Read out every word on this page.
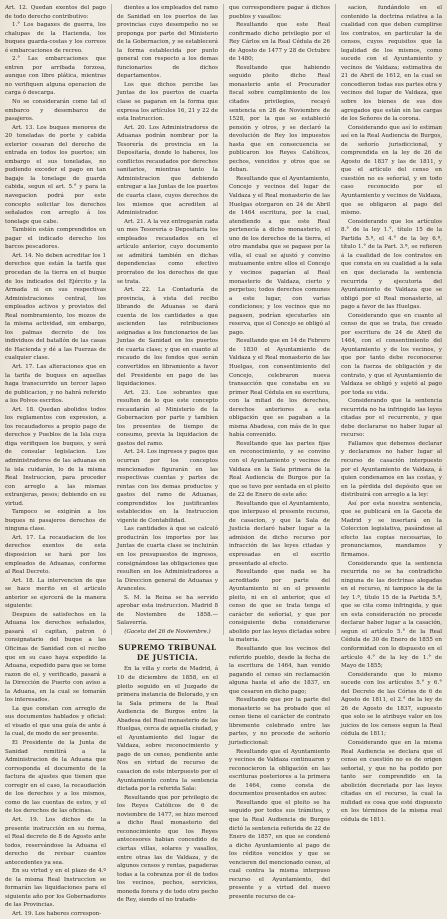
Art. 12. Quedan exentos del pago de todo derecho contributivo:

1.° Los bagaxes de guerra, los chalupas de la Hacienda, los buques guarda-costas y los correos é embarcaciones de recreo.

2.° Las embarcaciones que entren por arribada forzosa, aunque con libre plática, mientras no verifiquen alguna operacion de carga ó descarga.

No se considerarán como tal el embarco y desembarco de pasajeros.

Art. 13. Los buques menores de 20 toneladas de porte y cabida exterior cesaran del derecho de entrada en todos los puertos; sin embargo el sus toneladas, no pudiendo exceder el pago en tan bagaje la tonelage de guarda cabida, segun el art. 5.° y para la navegacion podrá por este concepto solicitar los derechos señalados con arreglo á los tonelage que cabe.

También están comprendidos en pagar el indicado derecho los barcos pescadores.

Art. 14. No deben acreditar los 1 derechos que están la tarifa que procedan de la tierra en el buque de los indicados del Ejército y la Armada ni en sus respectivas Administraciones central, los empleados activos y provistos del Real nombramiento, los mozos de la misma actividad, sin embargo, los palmas decreto de los individuos del batallón de las casas de Hacienda y dé a las Fuerzas de cualquier clase.

Art. 17. Las alteraciones que en la tarifa de buques en aquellas haga transcurrido un tercer lapso de publicacion, y no habrá referido a los Polvos escritos.

Art. 18. Quedan abolidos todos los reglamentos con expresion, a los recaudadores a propio pago de derechos y Pueblos de la Isla cuya diga verifiquen los buques, y será de consular legislacion. Los administradores de las aduanas en la isla cuidarán, lo de la misma Real Instruccion, para proceder con arreglo a las mismas extranjeras, pesos; debiendo en su virtud.

Tampoco se exigirán a los buques ni pasajeros derechos de ninguna clase.

Art. 17. La recaudacion de los derechos exentos de esta disposicion se hará por los empleados de Aduanas, conforme al Real Decreto.

Art. 18. La intervencion de que se hace merito en el articulo anterior se ejercerá de la manera siguiente:

Despues de satisfechos en la Aduana los derechos señalados, pasará el capitan, patron ó consignatario del buque a las Oficinas de Sanidad con el recibo que en su caso haya expedido la Aduana, expedido para que se tome razon de el, y verificado, pasará a la Dirección de Puerto con aviso a la Aduana, en la cual se tomarán los interesados.

La que constan con arreglo de sus documentos hablados y oficial: el visado el que una guía de ante á la cual, de modo de ser presente.

El Presidente de la Junta de Sanidad remitirá a la Administracion de la Aduana que corresponda el documento de la factura de ajustes que tienen que corregir en el caso, la recaudación de los derechos y a los mismos, como de las cuentas de estos, y el de los derechos de las oficinas.

Art. 19. Los dichos de la presente instrucción en su forma, el Real decreto de 8 de Agosto ante todos, reservándose la Aduana el derecho de revisar cuantos antecedentes ya sea.

En su virtud y en el plazo de 4.º de la misma Real Instruccion se formarán las liquidaciones para el siguiente año por los Gobernadores de las Provincias.

Art. 19. Los haberes correspon-

dientes a los empleados del ramo de Sanidad en los puertos de las provincias cuyo desempeño no se proponga por parte del Ministerio de la Gobernacion, y se establecerá la forma establecida por punto general con respecto a los demas funcionarios de dichos departamentos.

Los que dichos percibe las Juntas de los puertos de cuarta clase se pagaran en la forma que expresa los artículos 16, 21 y 22 de esta Instruccion.

Art. 20. Los Administradores de Aduanas podrán nombrar por la Tesorería de provincia en la Depositaría, donde lo haberes, los conflictos recaudados por derechos sanitarios, mientras tanto la Administracion que debiendo entregar a las Juntas de los puertos de cuarta clase, cuyos derechos de los mismos que acrediten al Administrador.

Art. 21. A la vez entregarán cada un mes Tesorería o Depositaria los empleados recaudados en el artículo anterior, cuyo documento se admitirá también en dichas dependencias como efectivo prorrateo de los derechos de que se trata.

Art. 22. La Contaduría de provincia, à vista del recibo librando de Aduanas se dará cuenta de los cantidades a que ascienden las retribuciones asignadas a los funcionarios de las Juntas de Sanidad en los puertos de cuarta clase; y que en cuanto al recaudo de los fondos que serán convertidos en libramiento a favor del Presidente en pago de las liquidaciones.

Art. 23. Los sobrantes que resulten de lo que este concepto recaudarán al Ministerio de la Gobernacion por parte y tambien los presentes de tiempo de consumo, previa la liquidacion de gastos del ramo.

Art. 24. Los ingresos y pagos que ocurran por los conceptos mencionados figurarán en las respectivas cuentas y partes de rentas con los demas productos y gastos del ramo de Aduanas, comprendidos los justificantes establecidos en la Instruccion vigente de Contabilidad.

Las cantidades à que se calculó producirán los importes por las Juntas de cuarta clase se incluirán en los presupuestos de ingresos, consignándose las obligaciones que resulten en los Administradores a la Direccion general de Aduanas y Aranceles.

S. M. la Reina se ha servido aprobar esta instruccion. Madrid 8 de Noviembre de 1858.—Salaverría.

(Gaceta del 26 de Noviembre.)

SUPREMO TRIBUNAL DE JUSTICIA.

En la villa y corte de Madrid, á 10 de diciembre de 1858, en el pleito seguido en el Juzgado de primera instancia de Belorado, y en la Sala primera de la Real Audiencia de Burgos entre la Abadesa del Real monasterio de las Huelgas, cerca de aquella ciudad, y el Ayuntamiento del lugar de Valdaza, sobre reconocimiento y pago de un censo, pendiente ante Nos en virtud de recurso de casacion de este interpuesto por el Ayuntamiento contra la sentencia dictada por la referida Sala:

Resultando que por privilegio de los Reyes Católicos de 6 de noviembre de 1477, se hizo merced a dicho Real monasterio del reconocimiento que los Reyes antecesores habian concedido de ciertas villas, solares y vasallos, entre otras las de Valdaza, y de algunos censos y rentas, pagaderas todas a la cobranza por él de todos los vecinos, pechos, servicios, moneda forera y de todo otro pecho de Rey, siendo el no tratado-

que correspondiere pagar á dichos pueblos y vasallos:

Resultando que este Real confirmado dicho privilegio por el Rey Cárlos en la Real Cédula de 26 de Agosto de 1477 y 28 de Octubre de 1480;

Resultando que habiendo seguido pleito dicho Real monasterio ante el Procurador fiscal sobre cumplimiento de los citados privilegios, recayó sentencia en 28 de Noviembre de 1528, por la que se estableció pensión y otros, y se declaró la devolución de Rey los impuestos hasta que en consecuencia se publicaron los Reyes Católicos, pechos, vencidos y otros que se deban.

Resultando que el Ayuntamiento, Concejo y vecinos del lugar de Valdaza y el Real monasterio de las Huelgas otorgaron en 24 de Abril de 1464 escritura, por la cual, atendiendo a que este Real pertenecía a dicho monasterio, el uno de los derechos de la tierra, el otro mandaba que se pagase por la villa, el cual se ajustó y convino mutuamente entre ellos el Concejo y vecinos pagarían al Real monasterio de Valdaza, cierto y perpetuo; todos derechos comunes a este lugar, con varias condiciones; y los vecinos que no pagasen, podrían ejecutarles sin reserva, que el Concejo se obligó al pago.

Resultando que en 14 de Febrero de 1830 el Ayuntamiento de Valdaza y el Real monasterio de las Huelgas, con consentimiento del Concejo, celebraron nueva transacción que constaba en su primer Real Cédula en su escritura, con la mitad de los derechos, derechos anteriores a esta obligación que se pagaban a la misma Abadesa, con más de lo que había convenido.

Resultando que las partes fijas en reconocimiento, y se convino con el Ayuntamiento y vecinos de Valdaza en la Sala primera de la Real Audiencia de Burgos por la que se tuvo por sentada en el pleito de 22 de Enero de este año:

Resultando que el Ayuntamiento, que interpuso el presente recurso, de casacion, y que la Sala de Justicia declaró haber lugar a la admision de dicho recurso por infracción de las leyes citadas y expresadas en el escrito presentado al efecto.

Resultando que nada se ha acreditado por parte del Ayuntamiento ni en el presente pleito, ni en el anterior, que el censo de que se trata tenga el carácter de señorial, y que por consiguiente deba considerarse abolido por las leyes dictadas sobre la materia.

Resultando que los vecinos del referido pueblo, desde la fecha de la escritura de 1464, han venido pagando el censo sin reclamación alguna hasta el año de 1837, en que cesaron en dicho pago;

Resultando que por la parte del monasterio se ha probado que el censo tiene el carácter de contrato libremente celebrado entre las partes, y no procede de señorío jurisdiccional:

Resultando que el Ayuntamiento y vecinos de Valdaza continuaron y reconocieron la obligación en las escrituras posteriores a la primera de 1464, como consta de documentos presentados en autos:

Resultando que el pleito se ha seguido por todos sus trámites, y que la Real Audiencia de Burgos dictó la sentencia referida de 22 de Enero de 1857, en que se condenó a dicho Ayuntamiento al pago de los réditos vencidos y que se vencieren del mencionado censo, al cual contra la misma interpuso recurso el Ayuntamiento, del presente y a virtud del nuevo presente recurso de ca-

sacion, fundándolo en el contenido la doctrina relativa a la cualidad con que deben cumplirse los contratos, en particular la de censos, cuyos requisitos que la legalidad de los mismos, como sucede con el Ayuntamiento y vecinos de Valdaza; estimativa de 21 de Abril de 1612, en la cual se concedieron todas sus partes otra y vecinos del lugar de Valdaza, que sobre los bienes de sus dos agregados que están sin las cargas de los Señores de la corona.

Considerando que así lo estiman así en la Real Audiencia de Burgos, de señorío jurisdiccional, y comprendida en la ley de 26 de Agosto de 1837 y las de 1811, y que el artículo del censo en cuestión no es señorial, y en todo caso reconocido por el Ayuntamiento y vecinos de Valdaza, que se obligaron al pago del mismo.

Considerando que los artículos 8.° de la ley 1.°, título 15 de la Partida 5.ª, el 4.° de la ley 6.ª, título 1.° de la Part. 3.ª, se refieren á la cualidad de los contratos en que consta en su cualidad a la sala en que declarada la sentencia recurrida y ejecutoria del Ayuntamiento de Valdaza que se obligó por el Real monasterio, al pago a favor de las Huelgas.

Considerando que en cuanto al censo de que se trata, fue creado por escritura de 24 de Abril de 1464, con el consentimiento del Ayuntamiento y de los vecinos, y que por tanto debe reconocerse con la fuerza de obligación y de contrato, y que el Ayuntamiento de Valdaza se obligó y sujetó al pago por toda su vida.

Considerando que la sentencia recurrida no ha infringido las leyes citadas por el recurrente, y que debe declararse no haber lugar al recurso:

Fallamos que debemos declarar y declaramos no haber lugar al recurso de casación interpuesto por el Ayuntamiento de Valdaza, á quien condenamos en las costas, y en la pérdida del depósito que se distribuirá con arreglo a la ley:

Así por esta nuestra sentencia, que se publicará en la Gaceta de Madrid y se insertará en la Coleccion legislativa, pasándose al efecto las copias necesarias, lo pronunciamos, mandamos y firmamos.

Considerando que la sentencia recurrida no se ha contradicho ninguna de las doctrinas alegadas en el recurso, ni tampoco la de la ley 1.ª, título 15 de la Partida 5.ª, que se cita como infringida, y que en esta consideración no procede declarar haber lugar a la casación, segun el artículo 5.° de la Real Cédula de 30 de Enero de 1855 en conformidad con lo dispuesto en el artículo 4.° de la ley de 1.° de Mayo de 1855;

Considerando que lo mismo sucede con los artículos 5.° y 6.° del Decreto de las Córtes de 6 de Agosto de 1811, el 2.° de la ley de 26 de Agosto de 1837, supuesto que solo se le atribuye valor en los juicios de los censos segun la Real cédula de 1811;

Considerando que en la misma Real Audiencia se declara que el censo en cuestión no es de origen señorial, y que no ha podido por tanto ser comprendido en la abolición decretada por las leyes citadas en el recurso, la cual la nulidad es cosa que esté dispuesto en los términos de la misma real cédula de 1811.
